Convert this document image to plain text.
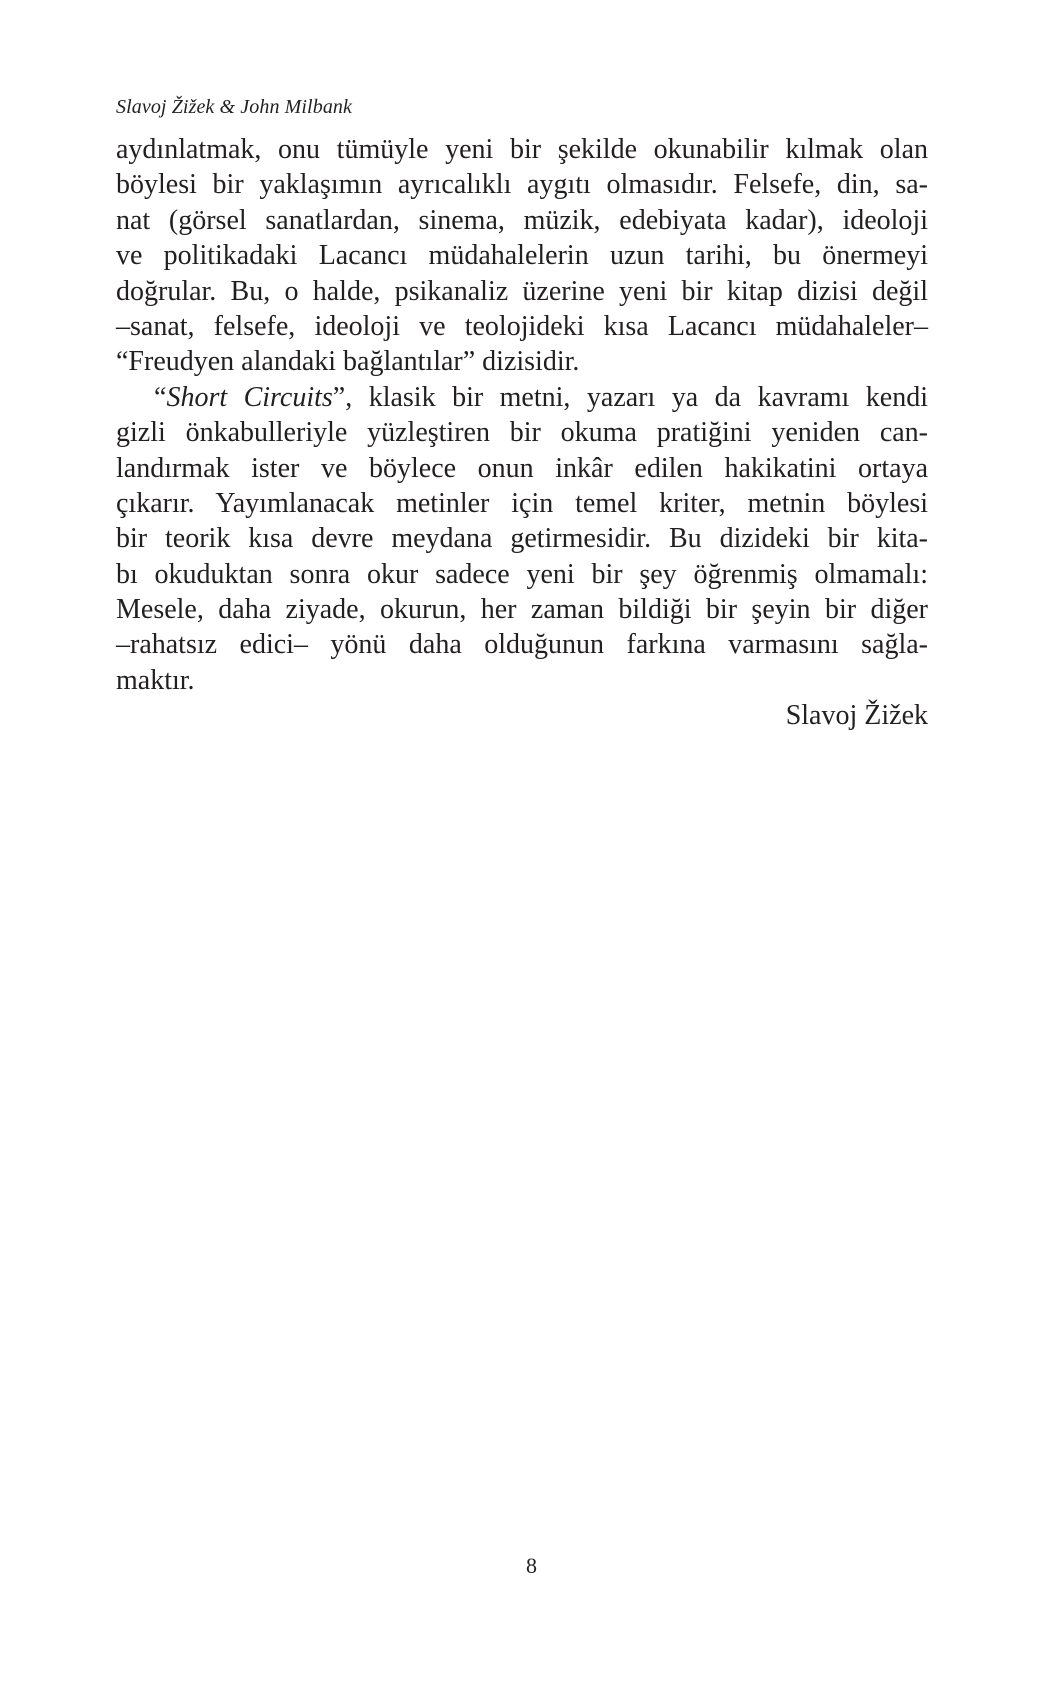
Slavoj Žižek & John Milbank
aydınlatmak, onu tümüyle yeni bir şekilde okunabilir kılmak olan
böylesi bir yaklaşımın ayrıcalıklı aygıtı olmasıdır. Felsefe, din, sa-
nat (görsel sanatlardan, sinema, müzik, edebiyata kadar), ideoloji
ve politikadaki Lacancı müdahalelerin uzun tarihi, bu önermeyi
doğrular. Bu, o halde, psikanaliz üzerine yeni bir kitap dizisi değil
–sanat, felsefe, ideoloji ve teolojideki kısa Lacancı müdahaleler–
“Freudyen alandaki bağlantılar” dizisidir.
“Short Circuits”, klasik bir metni, yazarı ya da kavramı kendi
gizli önkabulleriyle yüzleştiren bir okuma pratiğini yeniden can-
landırmak ister ve böylece onun inkâr edilen hakikatini ortaya
çıkarır. Yayımlanacak metinler için temel kriter, metnin böylesi
bir teorik kısa devre meydana getirmesidir. Bu dizideki bir kita-
bı okuduktan sonra okur sadece yeni bir şey öğrenmiş olmamalı:
Mesele, daha ziyade, okurun, her zaman bildiği bir şeyin bir diğer
–rahatsız edici– yönü daha olduğunun farkına varmasını sağla-
maktır.
Slavoj Žižek
8
